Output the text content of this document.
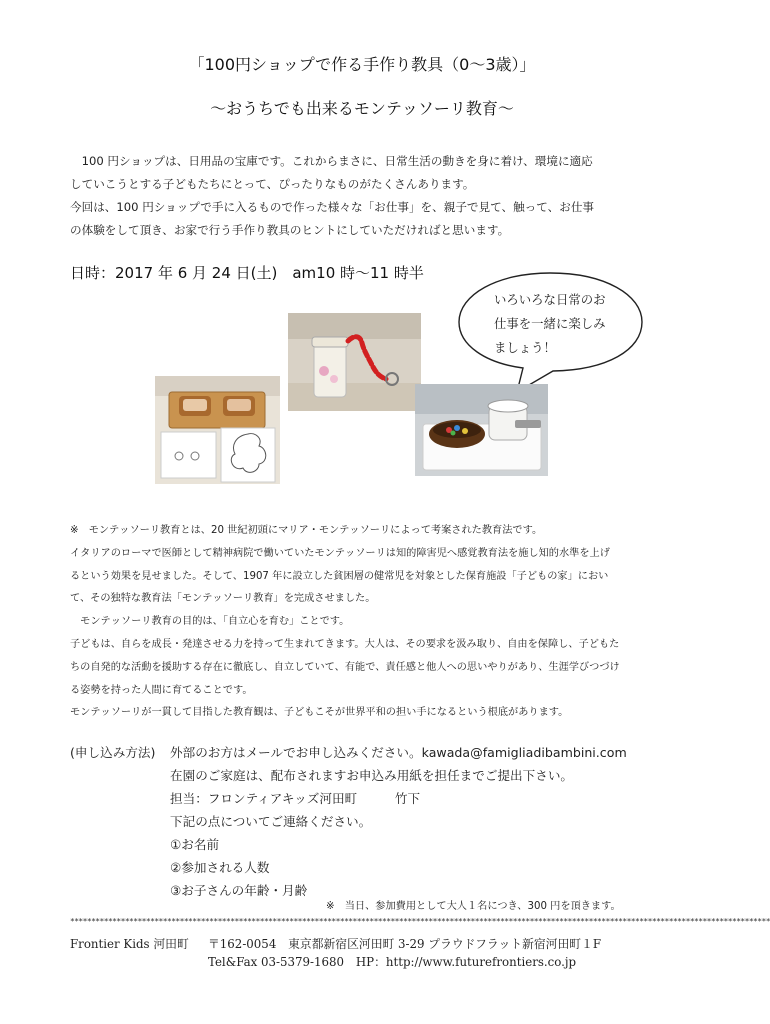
「100円ショップで作る手作り教具（0～3歳）」
～おうちでも出来るモンテッソーリ教育～
　100 円ショップは、日用品の宝庫です。これからまさに、日常生活の動きを身に着け、環境に適応
していこうとする子どもたちにとって、ぴったりなものがたくさんあります。
今回は、100 円ショップで手に入るもので作った様々な「お仕事」を、親子で見て、触って、お仕事
の体験をして頂き、お家で行う手作り教具のヒントにしていただければと思います。
日時：2017 年 6 月 24 日(土)　am10 時～11 時半
いろいろな日常のお
仕事を一緒に楽しみ
ましょう！
※　モンテッソーリ教育とは、20 世紀初頭にマリア・モンテッソーリによって考案された教育法です。
イタリアのローマで医師として精神病院で働いていたモンテッソーリは知的障害児へ感覚教育法を施し知的水準を上げ
るという効果を見せました。そして、1907 年に設立した貧困層の健常児を対象とした保育施設「子どもの家」におい
て、その独特な教育法「モンテッソーリ教育」を完成させました。
　モンテッソーリ教育の目的は、「自立心を育む」ことです。
子どもは、自らを成長・発達させる力を持って生まれてきます。大人は、その要求を汲み取り、自由を保障し、子どもた
ちの自発的な活動を援助する存在に徹底し、自立していて、有能で、責任感と他人への思いやりがあり、生涯学びつづけ
る姿勢を持った人間に育てることです。
モンテッソーリが一貫して目指した教育観は、子どもこそが世界平和の担い手になるという根底があります。
(申し込み方法) 外部のお方はメールでお申し込みください。kawada@famigliadibambini.com
在園のご家庭は、配布されますお申込み用紙を担任までご提出下さい。
担当：フロンティアキッズ河田町　　　竹下
下記の点についてご連絡ください。
①お名前
②参加される人数
③お子さんの年齢・月齢
※　当日、参加費用として大人１名につき、300 円を頂きます。
**********************************************************************************************************************************************************************
Frontier Kids 河田町 〒162-0054　東京都新宿区河田町 3-29 プラウドフラット新宿河田町１F
Tel&Fax 03-5379-1680　HP：http://www.futurefrontiers.co.jp
